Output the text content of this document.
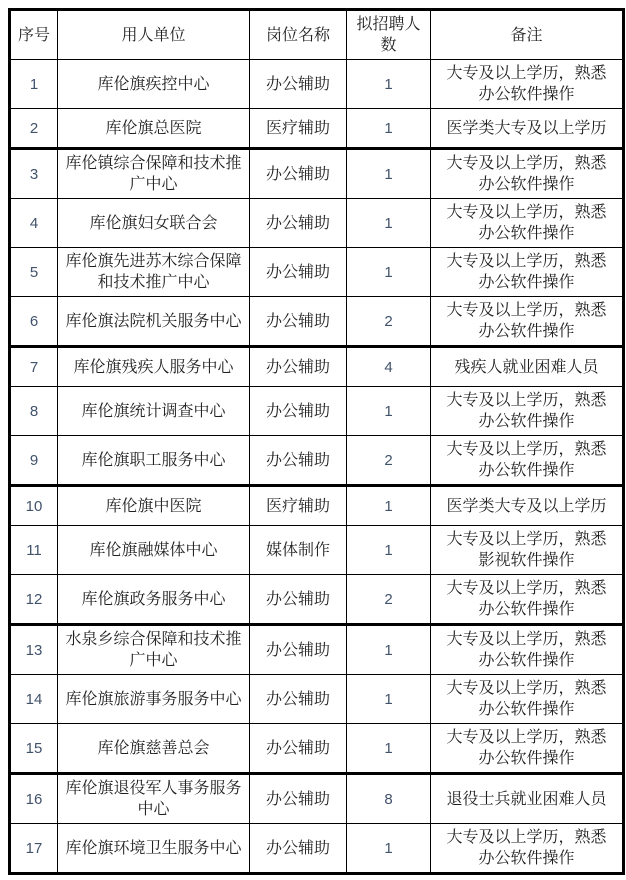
序号	用人单位	岗位名称	拟招聘人数	备注
1	库伦旗疾控中心	办公辅助	1	大专及以上学历，熟悉办公软件操作
2	库伦旗总医院	医疗辅助	1	医学类大专及以上学历
3	库伦镇综合保障和技术推广中心	办公辅助	1	大专及以上学历，熟悉办公软件操作
4	库伦旗妇女联合会	办公辅助	1	大专及以上学历，熟悉办公软件操作
5	库伦旗先进苏木综合保障和技术推广中心	办公辅助	1	大专及以上学历，熟悉办公软件操作
6	库伦旗法院机关服务中心	办公辅助	2	大专及以上学历，熟悉办公软件操作
7	库伦旗残疾人服务中心	办公辅助	4	残疾人就业困难人员
8	库伦旗统计调查中心	办公辅助	1	大专及以上学历，熟悉办公软件操作
9	库伦旗职工服务中心	办公辅助	2	大专及以上学历，熟悉办公软件操作
10	库伦旗中医院	医疗辅助	1	医学类大专及以上学历
11	库伦旗融媒体中心	媒体制作	1	大专及以上学历，熟悉影视软件操作
12	库伦旗政务服务中心	办公辅助	2	大专及以上学历，熟悉办公软件操作
13	水泉乡综合保障和技术推广中心	办公辅助	1	大专及以上学历，熟悉办公软件操作
14	库伦旗旅游事务服务中心	办公辅助	1	大专及以上学历，熟悉办公软件操作
15	库伦旗慈善总会	办公辅助	1	大专及以上学历，熟悉办公软件操作
16	库伦旗退役军人事务服务中心	办公辅助	8	退役士兵就业困难人员
17	库伦旗环境卫生服务中心	办公辅助	1	大专及以上学历，熟悉办公软件操作
